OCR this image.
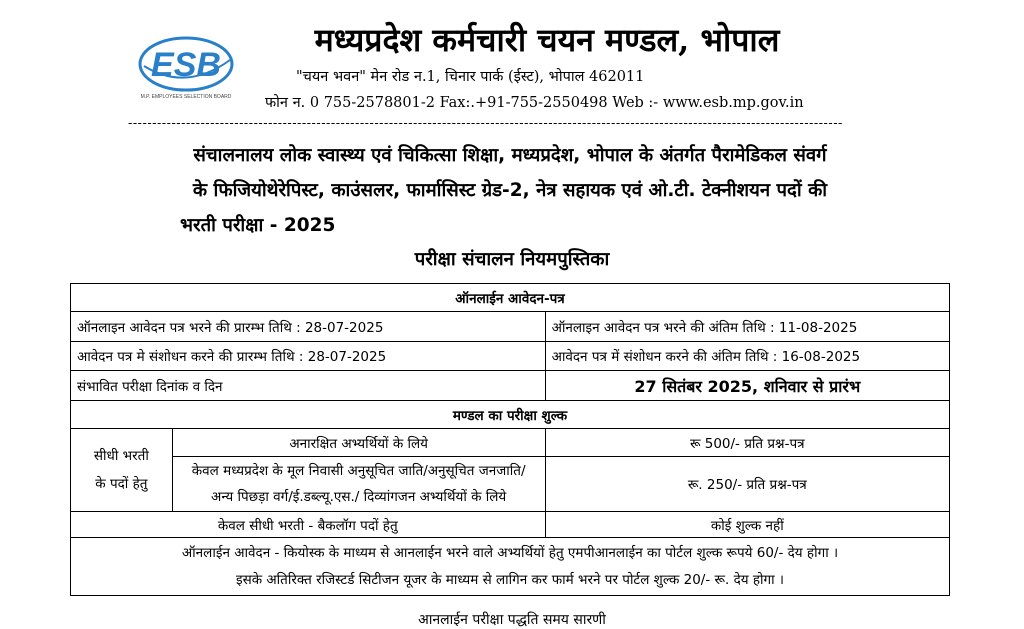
ESB
M.P. EMPLOYEES SELECTION BOARD
मध्यप्रदेश कर्मचारी चयन मण्डल, भोपाल
"चयन भवन" मेन रोड न.1, चिनार पार्क (ईस्ट), भोपाल 462011
फोन न. 0 755-2578801-2 Fax:.+91-755-2550498 Web :- www.esb.mp.gov.in
----------------------------------------------------------------------------------------------------------------------------------------------------
संचालनालय लोक स्वास्थ्य एवं चिकित्सा शिक्षा, मध्यप्रदेश, भोपाल के अंतर्गत पैरामेडिकल संवर्ग
के फिजियोथेरेपिस्ट, काउंसलर, फार्मासिस्ट ग्रेड-2, नेत्र सहायक एवं ओ.टी. टेक्नीशयन पदों की
भरती परीक्षा - 2025
परीक्षा संचालन नियमपुस्तिका
ऑनलाईन आवेदन-पत्र		
ऑनलाइन आवेदन पत्र भरने की प्रारम्भ तिथि : 28-07-2025		ऑनलाइन आवेदन पत्र भरने की अंतिम तिथि : 11-08-2025
आवेदन पत्र मे संशोधन करने की प्रारम्भ तिथि : 28-07-2025		आवेदन पत्र में संशोधन करने की अंतिम तिथि : 16-08-2025
संभावित परीक्षा दिनांक व दिन		27 सितंबर 2025, शनिवार से प्रारंभ
मण्डल का परीक्षा शुल्क		

सीधी भरती
के पदों हेतु	अनारक्षित अभ्यर्थियों के लिये	रू 500/- प्रति प्रश्न-पत्र

	केवल मध्यप्रदेश के मूल निवासी अनुसूचित जाति/अनुसूचित जनजाति/
अन्य पिछड़ा वर्ग/ई.डब्ल्यू.एस./ दिव्यांगजन अभ्यर्थियों के लिये	रू. 250/- प्रति प्रश्न-पत्र
केवल सीधी भरती - बैकलॉग पदों हेतु		कोई शुल्क नहीं

ऑनलाईन आवेदन - कियोस्क के माध्यम से आनलाईन भरने वाले अभ्यर्थियों हेतु एमपीआनलाईन का पोर्टल शुल्क रूपये 60/- देय होगा ।
इसके अतिरिक्त रजिस्टर्ड सिटीजन यूजर के माध्यम से लागिन कर फार्म भरने पर पोर्टल शुल्क 20/- रू. देय होगा ।		
आनलाईन परीक्षा पद्धति समय सारणी
